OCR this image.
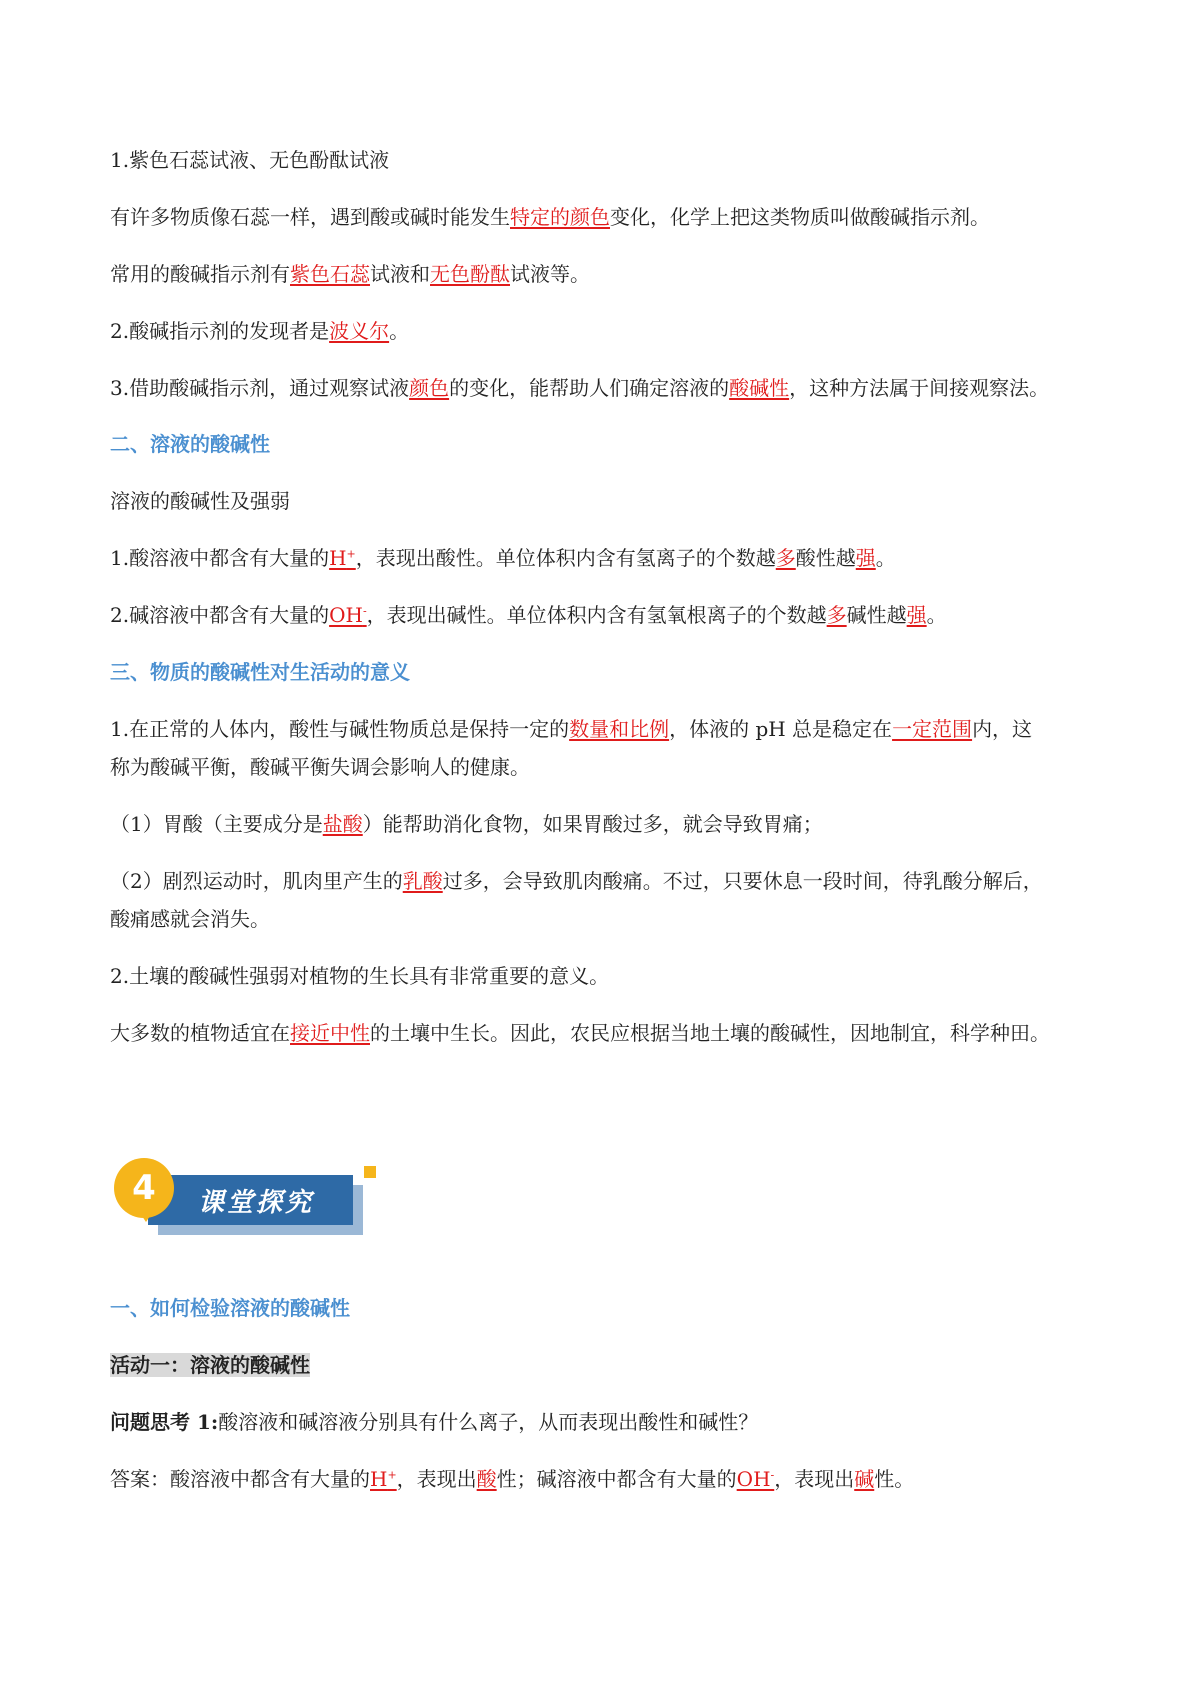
1.紫色石蕊试液、无色酚酞试液

有许多物质像石蕊一样，遇到酸或碱时能发生特定的颜色变化，化学上把这类物质叫做酸碱指示剂。

常用的酸碱指示剂有紫色石蕊试液和无色酚酞试液等。

2.酸碱指示剂的发现者是波义尔。

3.借助酸碱指示剂，通过观察试液颜色的变化，能帮助人们确定溶液的酸碱性，这种方法属于间接观察法。

二、溶液的酸碱性

溶液的酸碱性及强弱

1.酸溶液中都含有大量的H+，表现出酸性。单位体积内含有氢离子的个数越多酸性越强。

2.碱溶液中都含有大量的OH-，表现出碱性。单位体积内含有氢氧根离子的个数越多碱性越强。

三、物质的酸碱性对生活动的意义

1.在正常的人体内，酸性与碱性物质总是保持一定的数量和比例，体液的 pH 总是稳定在一定范围内，这

称为酸碱平衡，酸碱平衡失调会影响人的健康。

（1）胃酸（主要成分是盐酸）能帮助消化食物，如果胃酸过多，就会导致胃痛；

（2）剧烈运动时，肌肉里产生的乳酸过多，会导致肌肉酸痛。不过，只要休息一段时间，待乳酸分解后，

酸痛感就会消失。

2.土壤的酸碱性强弱对植物的生长具有非常重要的意义。

大多数的植物适宜在接近中性的土壤中生长。因此，农民应根据当地土壤的酸碱性，因地制宜，科学种田。

课堂探究
4

一、如何检验溶液的酸碱性

活动一：溶液的酸碱性

问题思考 1:酸溶液和碱溶液分别具有什么离子，从而表现出酸性和碱性？

答案：酸溶液中都含有大量的H+，表现出酸性；碱溶液中都含有大量的OH-，表现出碱性。
